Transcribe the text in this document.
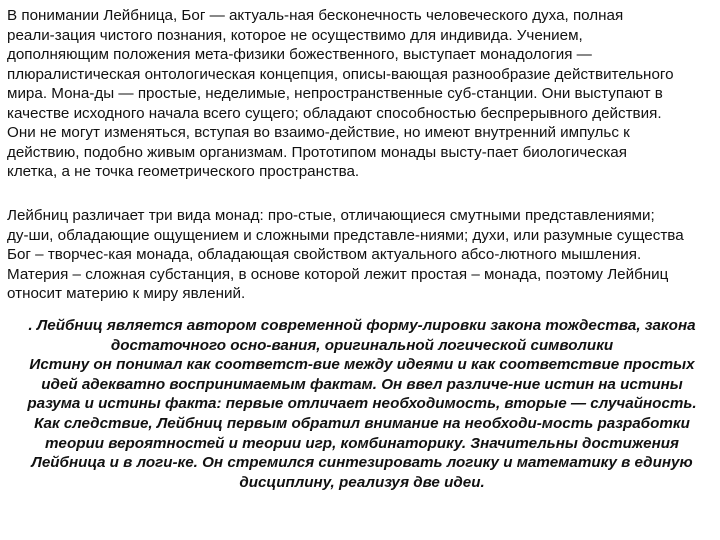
В понимании Лейбница, Бог — актуаль-ная бесконечность человеческого духа, полная
реали-зация чистого познания, которое не осуществимо для индивида. Учением,
дополняющим положения мета-физики божественного, выступает монадология —
плюралистическая онтологическая концепция, описы-вающая разнообразие действительного
мира. Мона-ды — простые, неделимые, непространственные суб-станции. Они выступают в
качестве исходного начала всего сущего; обладают способностью беспрерывного действия.
Они не могут изменяться, вступая во взаимо-действие, но имеют внутренний импульс к
действию, подобно живым организмам. Прототипом монады высту-пает биологическая
клетка, а не точка геометрического пространства.

Лейбниц различает три вида монад: про-стые, отличающиеся смутными представлениями;
ду-ши, обладающие ощущением и сложными представле-ниями; духи, или разумные существа
Бог – творчес-кая монада, обладающая свойством актуального абсо-лютного мышления.
Материя – сложная субстанция, в основе которой лежит простая – монада, поэтому Лейбниц
относит материю к миру явлений.

. Лейбниц является автором современной форму-лировки закона тождества, закона
достаточного осно-вания, оригинальной логической символики
Истину он понимал как соответст-вие между идеями и как соответствие простых
идей адекватно воспринимаемым фактам. Он ввел различе-ние истин на истины
разума и истины факта: первые отличает необходимость, вторые — случайность.
Как следствие, Лейбниц первым обратил внимание на необходи-мость разработки
теории вероятностей и теории игр, комбинаторику. Значительны достижения
Лейбница и в логи-ке. Он стремился синтезировать логику и математику в единую
дисциплину, реализуя две идеи.
